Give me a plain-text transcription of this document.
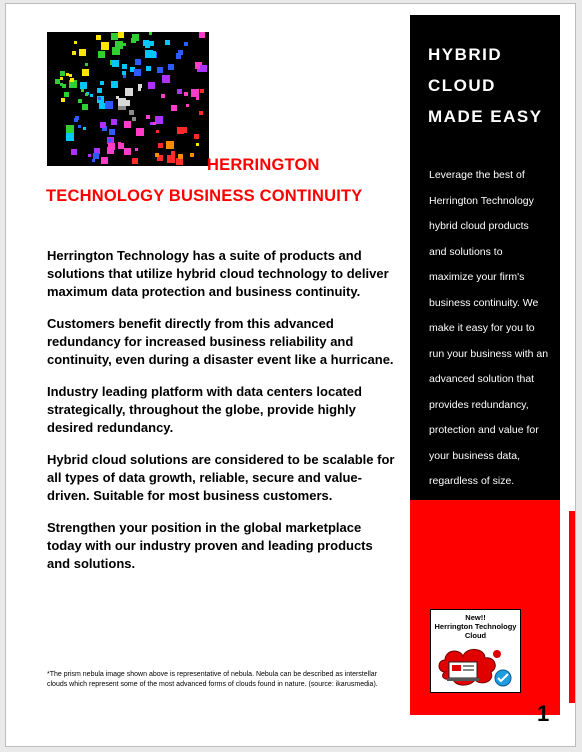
HERRINGTON TECHNOLOGY BUSINESS CONTINUITY

Herrington Technology has a suite of products and solutions that utilize hybrid cloud technology to deliver maximum data protection and business continuity.

Customers benefit directly from this advanced redundancy for increased business reliability and continuity, even during a disaster event like a hurricane.

Industry leading platform with data centers located strategically, throughout the globe, provide highly desired redundancy.

Hybrid cloud solutions are considered to be scalable for all types of data growth, reliable, secure and value-driven. Suitable for most business customers.

Strengthen your position in the global marketplace today with our industry proven and leading products and solutions.

*The prism nebula image shown above is representative of nebula. Nebula can be described as interstellar clouds which represent some of the most advanced forms of clouds found in nature. (source: ikarusmedia).
HYBRID CLOUD MADE EASY
Leverage the best of Herrington Technology hybrid cloud products and solutions to maximize your firm's business continuity. We make it easy for you to run your business with an advanced solution that provides redundancy, protection and value for your business data, regardless of size.
New!!
Herrington Technology
Cloud
1
